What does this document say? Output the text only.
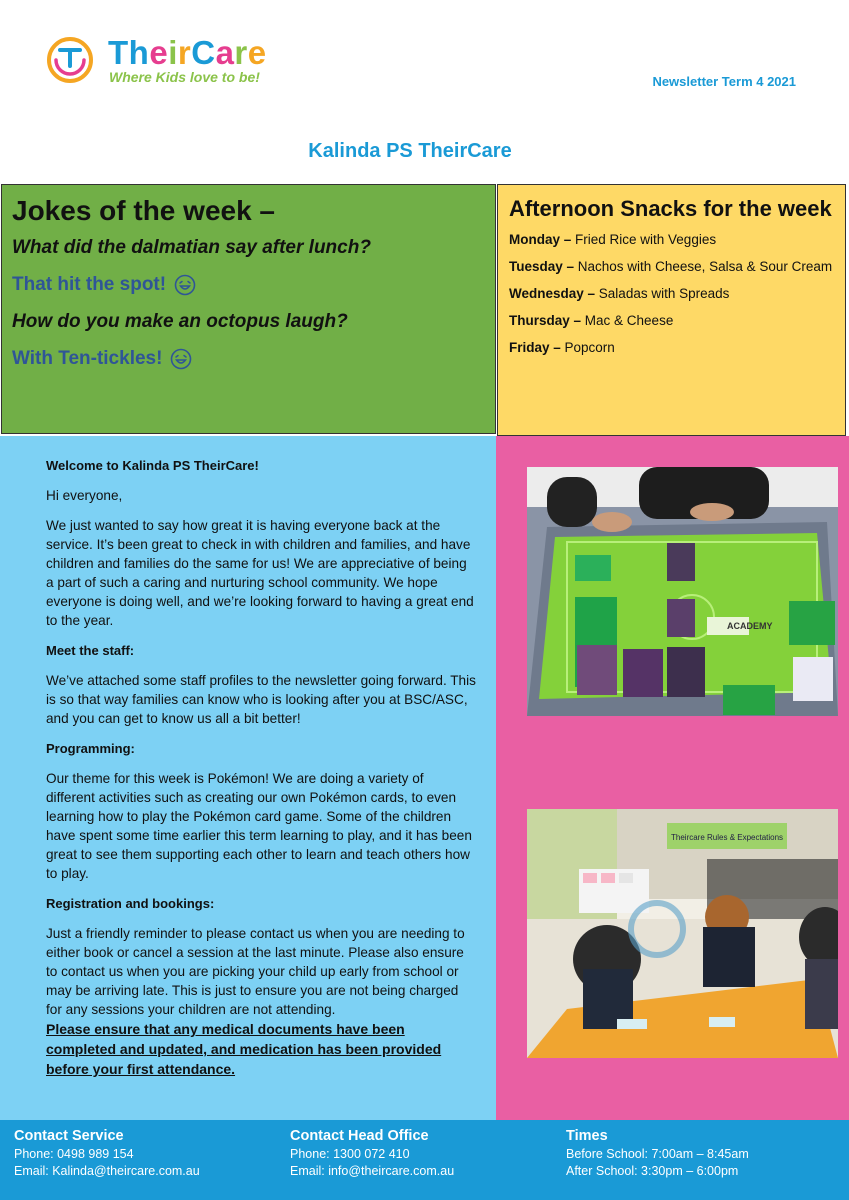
TheirCare
Where Kids love to be!	Newsletter Term 4 2021
Kalinda PS TheirCare
Jokes of the week –
What did the dalmatian say after lunch?
That hit the spot!
How do you make an octopus laugh?
With Ten-tickles!
Afternoon Snacks for the week
Monday – Fried Rice with Veggies
Tuesday – Nachos with Cheese, Salsa & Sour Cream
Wednesday – Saladas with Spreads
Thursday – Mac & Cheese
Friday – Popcorn
Welcome to Kalinda PS TheirCare!

Hi everyone,

We just wanted to say how great it is having everyone back at the service. It’s been great to check in with children and families, and have children and families do the same for us! We are appreciative of being a part of such a caring and nurturing school community. We hope everyone is doing well, and we’re looking forward to having a great end to the year.

Meet the staff:

We’ve attached some staff profiles to the newsletter going forward. This is so that way families can know who is looking after you at BSC/ASC, and you can get to know us all a bit better!

Programming:

Our theme for this week is Pokémon! We are doing a variety of different activities such as creating our own Pokémon cards, to even learning how to play the Pokémon card game. Some of the children have spent some time earlier this term learning to play, and it has been great to see them supporting each other to learn and teach others how to play.

Registration and bookings:

Just a friendly reminder to please contact us when you are needing to either book or cancel a session at the last minute. Please also ensure to contact us when you are picking your child up early from school or may be arriving late. This is just to ensure you are not being charged for any sessions your children are not attending.

Please ensure that any medical documents have been completed and updated, and medication has been provided before your first attendance.
ACADEMY
Theircare Rules & Expectations
Contact Service
Phone: 0498 989 154
Email: Kalinda@theircare.com.au
Contact Head Office
Phone: 1300 072 410
Email: info@theircare.com.au
Times
Before School: 7:00am – 8:45am
After School: 3:30pm – 6:00pm
